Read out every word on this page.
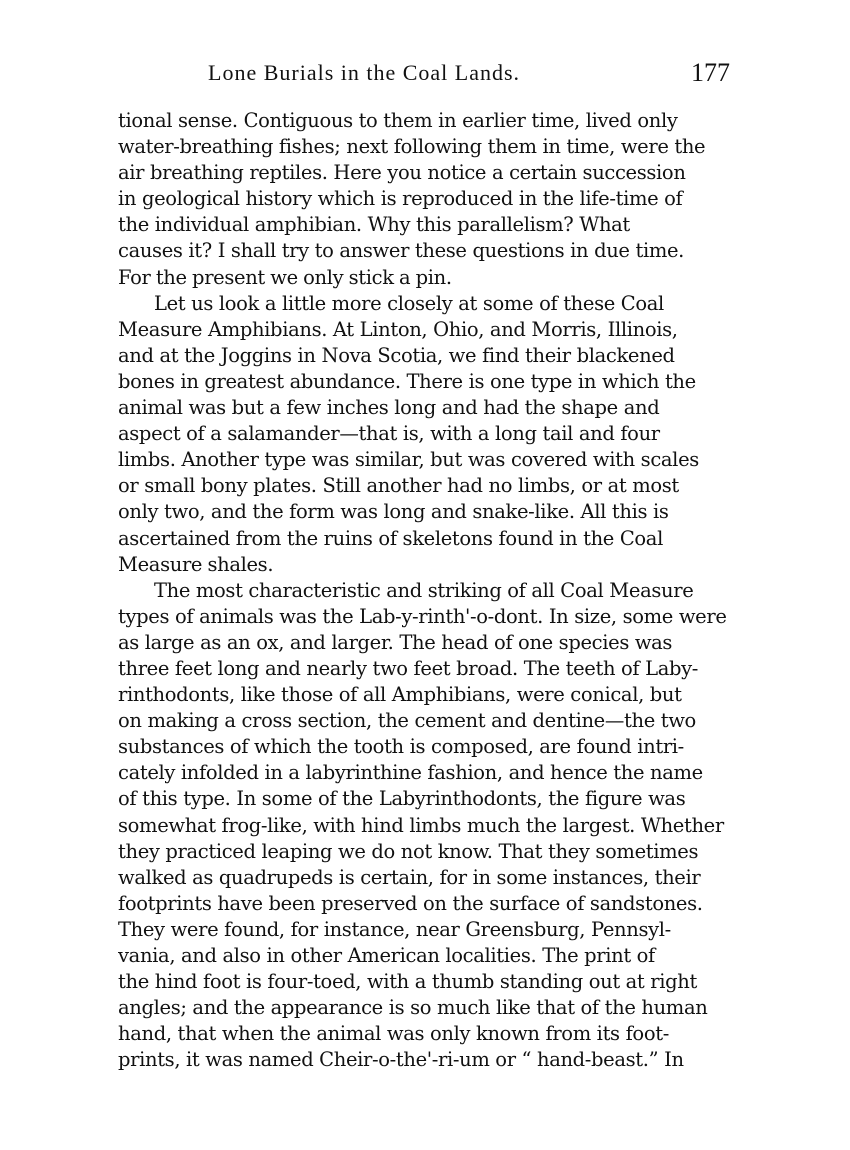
Lone Burials in the Coal Lands.	177
tional sense. Contiguous to them in earlier time, lived only
water-breathing fishes; next following them in time, were the
air breathing reptiles. Here you notice a certain succession
in geological history which is reproduced in the life-time of
the individual amphibian. Why this parallelism? What
causes it? I shall try to answer these questions in due time.
For the present we only stick a pin.
Let us look a little more closely at some of these Coal
Measure Amphibians. At Linton, Ohio, and Morris, Illinois,
and at the Joggins in Nova Scotia, we find their blackened
bones in greatest abundance. There is one type in which the
animal was but a few inches long and had the shape and
aspect of a salamander—that is, with a long tail and four
limbs. Another type was similar, but was covered with scales
or small bony plates. Still another had no limbs, or at most
only two, and the form was long and snake-like. All this is
ascertained from the ruins of skeletons found in the Coal
Measure shales.
The most characteristic and striking of all Coal Measure
types of animals was the Lab-y-rinth'-o-dont. In size, some were
as large as an ox, and larger. The head of one species was
three feet long and nearly two feet broad. The teeth of Laby-
rinthodonts, like those of all Amphibians, were conical, but
on making a cross section, the cement and dentine—the two
substances of which the tooth is composed, are found intri-
cately infolded in a labyrinthine fashion, and hence the name
of this type. In some of the Labyrinthodonts, the figure was
somewhat frog-like, with hind limbs much the largest. Whether
they practiced leaping we do not know. That they sometimes
walked as quadrupeds is certain, for in some instances, their
footprints have been preserved on the surface of sandstones.
They were found, for instance, near Greensburg, Pennsyl-
vania, and also in other American localities. The print of
the hind foot is four-toed, with a thumb standing out at right
angles; and the appearance is so much like that of the human
hand, that when the animal was only known from its foot-
prints, it was named Cheir-o-the'-ri-um or “ hand-beast.” In
